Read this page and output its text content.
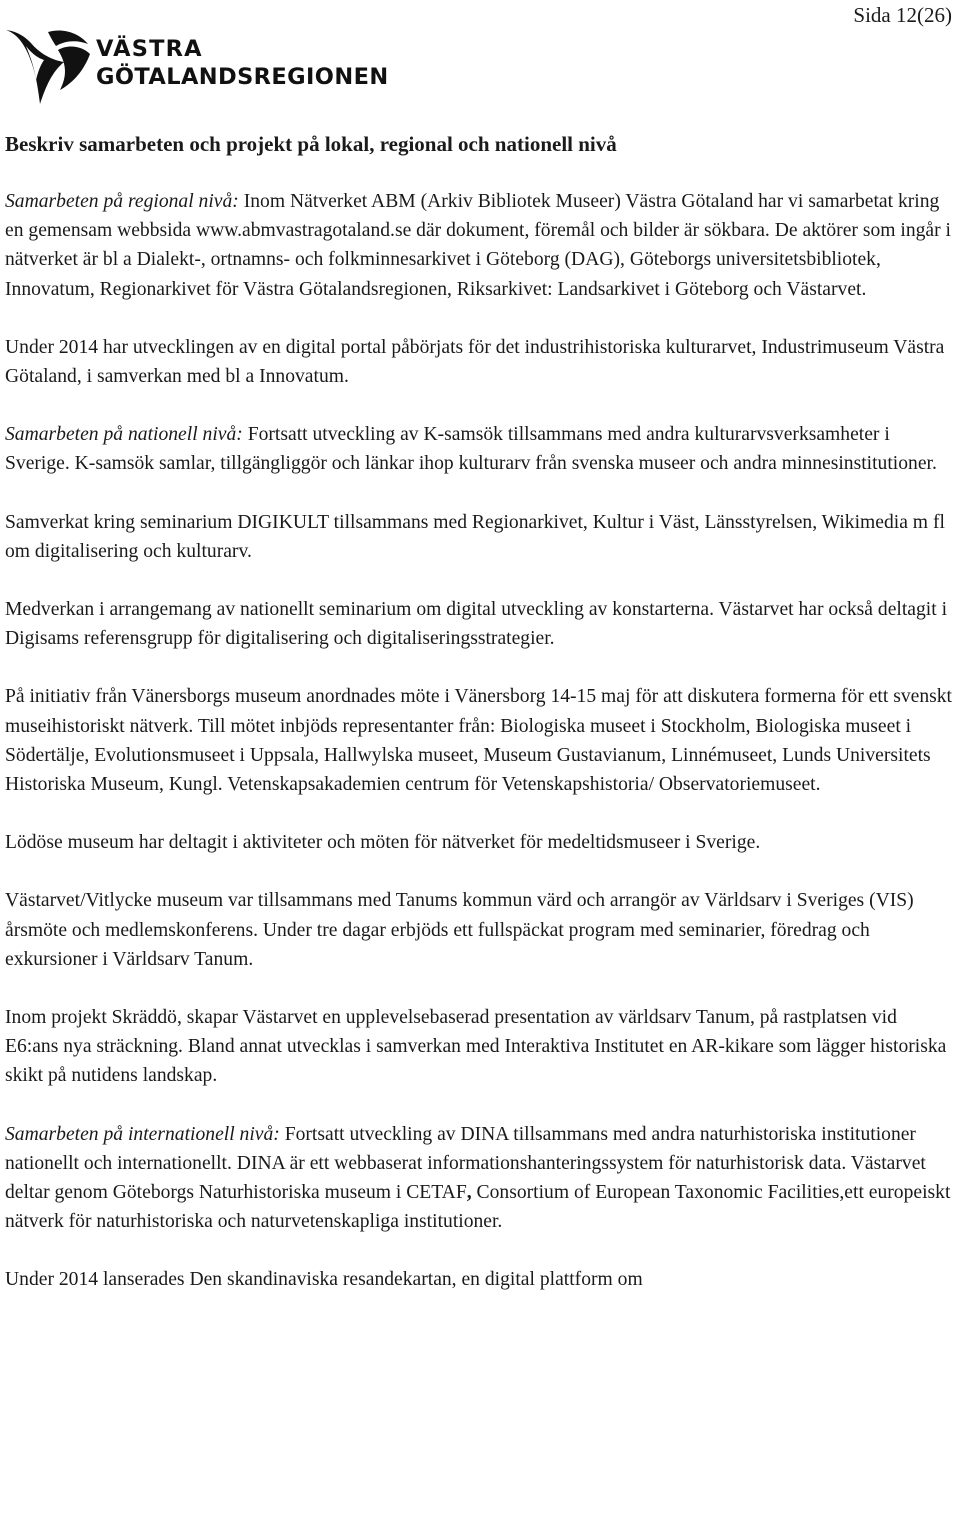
VÄSTRA
GÖTALANDSREGIONEN
Sida 12(26)
Beskriv samarbeten och projekt på lokal, regional och nationell nivå

Samarbeten på regional nivå: Inom Nätverket ABM (Arkiv Bibliotek Museer) Västra Götaland har vi samarbetat kring en gemensam webbsida www.abmvastragotaland.se där dokument, föremål och bilder är sökbara. De aktörer som ingår i nätverket är bl a Dialekt-, ortnamns- och folkminnesarkivet i Göteborg (DAG), Göteborgs universitetsbibliotek, Innovatum, Regionarkivet för Västra Götalandsregionen, Riksarkivet: Landsarkivet i Göteborg och Västarvet.

Under 2014 har utvecklingen av en digital portal påbörjats för det industrihistoriska kulturarvet, Industrimuseum Västra Götaland, i samverkan med bl a Innovatum.

Samarbeten på nationell nivå: Fortsatt utveckling av K-samsök tillsammans med andra kulturarvsverksamheter i Sverige. K-samsök samlar, tillgängliggör och länkar ihop kulturarv från svenska museer och andra minnesinstitutioner.

Samverkat kring seminarium DIGIKULT tillsammans med Regionarkivet, Kultur i Väst, Länsstyrelsen, Wikimedia m fl om digitalisering och kulturarv.

Medverkan i arrangemang av nationellt seminarium om digital utveckling av konstarterna. Västarvet har också deltagit i Digisams referensgrupp för digitalisering och digitaliseringsstrategier.

På initiativ från Vänersborgs museum anordnades möte i Vänersborg 14-15 maj för att diskutera formerna för ett svenskt museihistoriskt nätverk. Till mötet inbjöds representanter från: Biologiska museet i Stockholm, Biologiska museet i Södertälje, Evolutionsmuseet i Uppsala, Hallwylska museet, Museum Gustavianum, Linnémuseet, Lunds Universitets Historiska Museum, Kungl. Vetenskapsakademien centrum för Vetenskapshistoria/ Observatoriemuseet.

Lödöse museum har deltagit i aktiviteter och möten för nätverket för medeltidsmuseer i Sverige.

Västarvet/Vitlycke museum var tillsammans med Tanums kommun värd och arrangör av Världsarv i Sveriges (VIS) årsmöte och medlemskonferens. Under tre dagar erbjöds ett fullspäckat program med seminarier, föredrag och exkursioner i Världsarv Tanum.

Inom projekt Skräddö, skapar Västarvet en upplevelsebaserad presentation av världsarv Tanum, på rastplatsen vid E6:ans nya sträckning. Bland annat utvecklas i samverkan med Interaktiva Institutet en AR-kikare som lägger historiska skikt på nutidens landskap.

Samarbeten på internationell nivå: Fortsatt utveckling av DINA tillsammans med andra naturhistoriska institutioner nationellt och internationellt. DINA är ett webbaserat informationshanteringssystem för naturhistorisk data. Västarvet deltar genom Göteborgs Naturhistoriska museum i CETAF, Consortium of European Taxonomic Facilities,ett europeiskt nätverk för naturhistoriska och naturvetenskapliga institutioner.

Under 2014 lanserades Den skandinaviska resandekartan, en digital plattform om
